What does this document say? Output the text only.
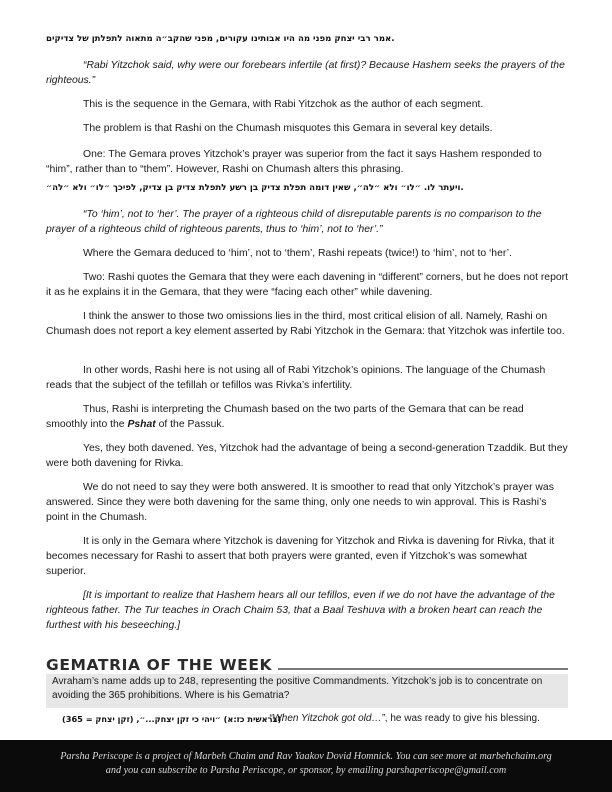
.אמר רבי יצחק מפני מה היו אבותינו עקורים, מפני שהקב״ה מתאוה לתפלתן של צדיקים
“Rabi Yitzchok said, why were our forebears infertile (at first)? Because Hashem seeks the prayers of the righteous.”
This is the sequence in the Gemara, with Rabi Yitzchok as the author of each segment.
The problem is that Rashi on the Chumash misquotes this Gemara in several key details.
One: The Gemara proves Yitzchok’s prayer was superior from the fact it says Hashem responded to “him”, rather than to “them”. However, Rashi on Chumash alters this phrasing.
.ויעתר לו. ״לו״ ולא ״לה״, שאין דומה תפלת צדיק בן רשע לתפלת צדיק בן צדיק, לפיכך ״לו״ ולא ״לה״
“To ‘him’, not to ‘her’. The prayer of a righteous child of disreputable parents is no comparison to the prayer of a righteous child of righteous parents, thus to ‘him’, not to ‘her’.”
Where the Gemara deduced to ‘him’, not to ‘them’, Rashi repeats (twice!) to ‘him’, not to ‘her’.
Two: Rashi quotes the Gemara that they were each davening in “different” corners, but he does not report it as he explains it in the Gemara, that they were “facing each other” while davening.
I think the answer to those two omissions lies in the third, most critical elision of all. Namely, Rashi on Chumash does not report a key element asserted by Rabi Yitzchok in the Gemara: that Yitzchok was infertile too.
In other words, Rashi here is not using all of Rabi Yitzchok’s opinions. The language of the Chumash reads that the subject of the tefillah or tefillos was Rivka’s infertility.
Thus, Rashi is interpreting the Chumash based on the two parts of the Gemara that can be read smoothly into the Pshat of the Passuk.
Yes, they both davened. Yes, Yitzchok had the advantage of being a second-generation Tzaddik. But they were both davening for Rivka.
We do not need to say they were both answered. It is smoother to read that only Yitzchok’s prayer was answered. Since they were both davening for the same thing, only one needs to win approval. This is Rashi’s point in the Chumash.
It is only in the Gemara where Yitzchok is davening for Yitzchok and Rivka is davening for Rivka, that it becomes necessary for Rashi to assert that both prayers were granted, even if Yitzchok’s was somewhat superior.
[It is important to realize that Hashem hears all our tefillos, even if we do not have the advantage of the righteous father. The Tur teaches in Orach Chaim 53, that a Baal Teshuva with a broken heart can reach the furthest with his beseeching.]
GEMATRIA OF THE WEEK
Avraham’s name adds up to 248, representing the positive Commandments. Yitzchok’s job is to concentrate on avoiding the 365 prohibitions. Where is his Gematria?
(בראשית כז:א) ״ויהי כי זקן יצחק...״, (זקן יצחק = 365)
“When Yitzchok got old…”, he was ready to give his blessing.
Parsha Periscope is a project of Marbeh Chaim and Rav Yaakov Dovid Homnick. You can see more at marbehchaim.org
and you can subscribe to Parsha Periscope, or sponsor, by emailing parshaperiscope@gmail.com
